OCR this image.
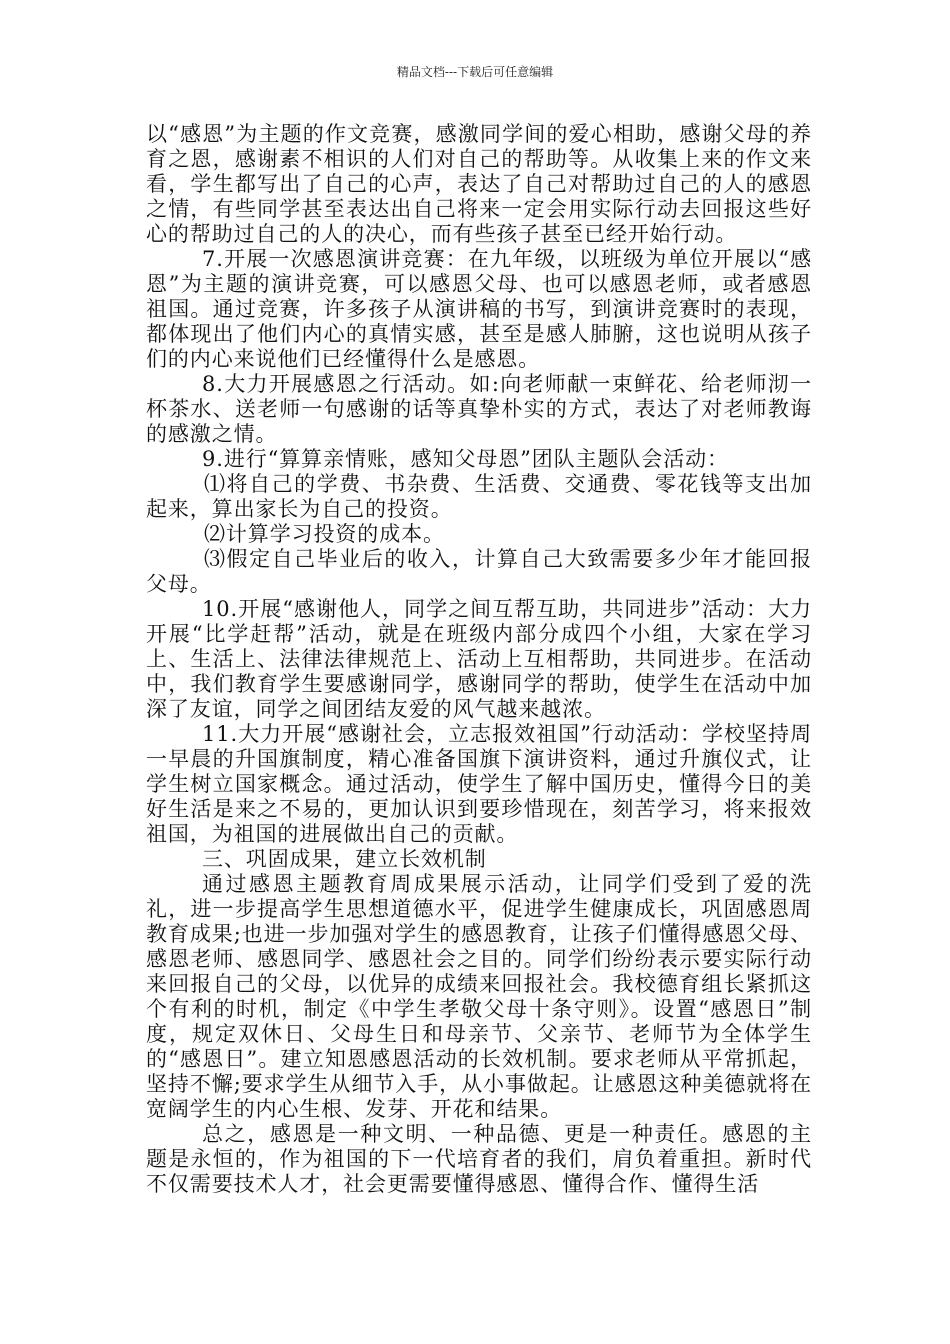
精品文档---下载后可任意编辑

以“感恩”为主题的作文竞赛，感激同学间的爱心相助，感谢父母的养育之恩，感谢素不相识的人们对自己的帮助等。从收集上来的作文来看，学生都写出了自己的心声，表达了自己对帮助过自己的人的感恩之情，有些同学甚至表达出自己将来一定会用实际行动去回报这些好心的帮助过自己的人的决心，而有些孩子甚至已经开始行动。

7.开展一次感恩演讲竞赛：在九年级，以班级为单位开展以“感恩”为主题的演讲竞赛，可以感恩父母、也可以感恩老师，或者感恩祖国。通过竞赛，许多孩子从演讲稿的书写，到演讲竞赛时的表现，都体现出了他们内心的真情实感，甚至是感人肺腑，这也说明从孩子们的内心来说他们已经懂得什么是感恩。

8.大力开展感恩之行活动。如:向老师献一束鲜花、给老师沏一杯茶水、送老师一句感谢的话等真挚朴实的方式，表达了对老师教诲的感激之情。

9.进行“算算亲情账，感知父母恩”团队主题队会活动：

⑴将自己的学费、书杂费、生活费、交通费、零花钱等支出加起来，算出家长为自己的投资。

⑵计算学习投资的成本。

⑶假定自己毕业后的收入，计算自己大致需要多少年才能回报父母。

10.开展“感谢他人，同学之间互帮互助，共同进步”活动：大力开展“比学赶帮”活动，就是在班级内部分成四个小组，大家在学习上、生活上、法律法律规范上、活动上互相帮助，共同进步。在活动中，我们教育学生要感谢同学，感谢同学的帮助，使学生在活动中加深了友谊，同学之间团结友爱的风气越来越浓。

11.大力开展“感谢社会，立志报效祖国”行动活动：学校坚持周一早晨的升国旗制度，精心准备国旗下演讲资料，通过升旗仪式，让学生树立国家概念。通过活动，使学生了解中国历史，懂得今日的美好生活是来之不易的，更加认识到要珍惜现在，刻苦学习，将来报效祖国，为祖国的进展做出自己的贡献。

三、巩固成果，建立长效机制

通过感恩主题教育周成果展示活动，让同学们受到了爱的洗礼，进一步提高学生思想道德水平，促进学生健康成长，巩固感恩周教育成果;也进一步加强对学生的感恩教育，让孩子们懂得感恩父母、感恩老师、感恩同学、感恩社会之目的。同学们纷纷表示要实际行动来回报自己的父母，以优异的成绩来回报社会。我校德育组长紧抓这个有利的时机，制定《中学生孝敬父母十条守则》。设置“感恩日”制度，规定双休日、父母生日和母亲节、父亲节、老师节为全体学生的“感恩日”。建立知恩感恩活动的长效机制。要求老师从平常抓起，坚持不懈;要求学生从细节入手，从小事做起。让感恩这种美德就将在宽阔学生的内心生根、发芽、开花和结果。

总之，感恩是一种文明、一种品德、更是一种责任。感恩的主题是永恒的，作为祖国的下一代培育者的我们，肩负着重担。新时代不仅需要技术人才，社会更需要懂得感恩、懂得合作、懂得生活
